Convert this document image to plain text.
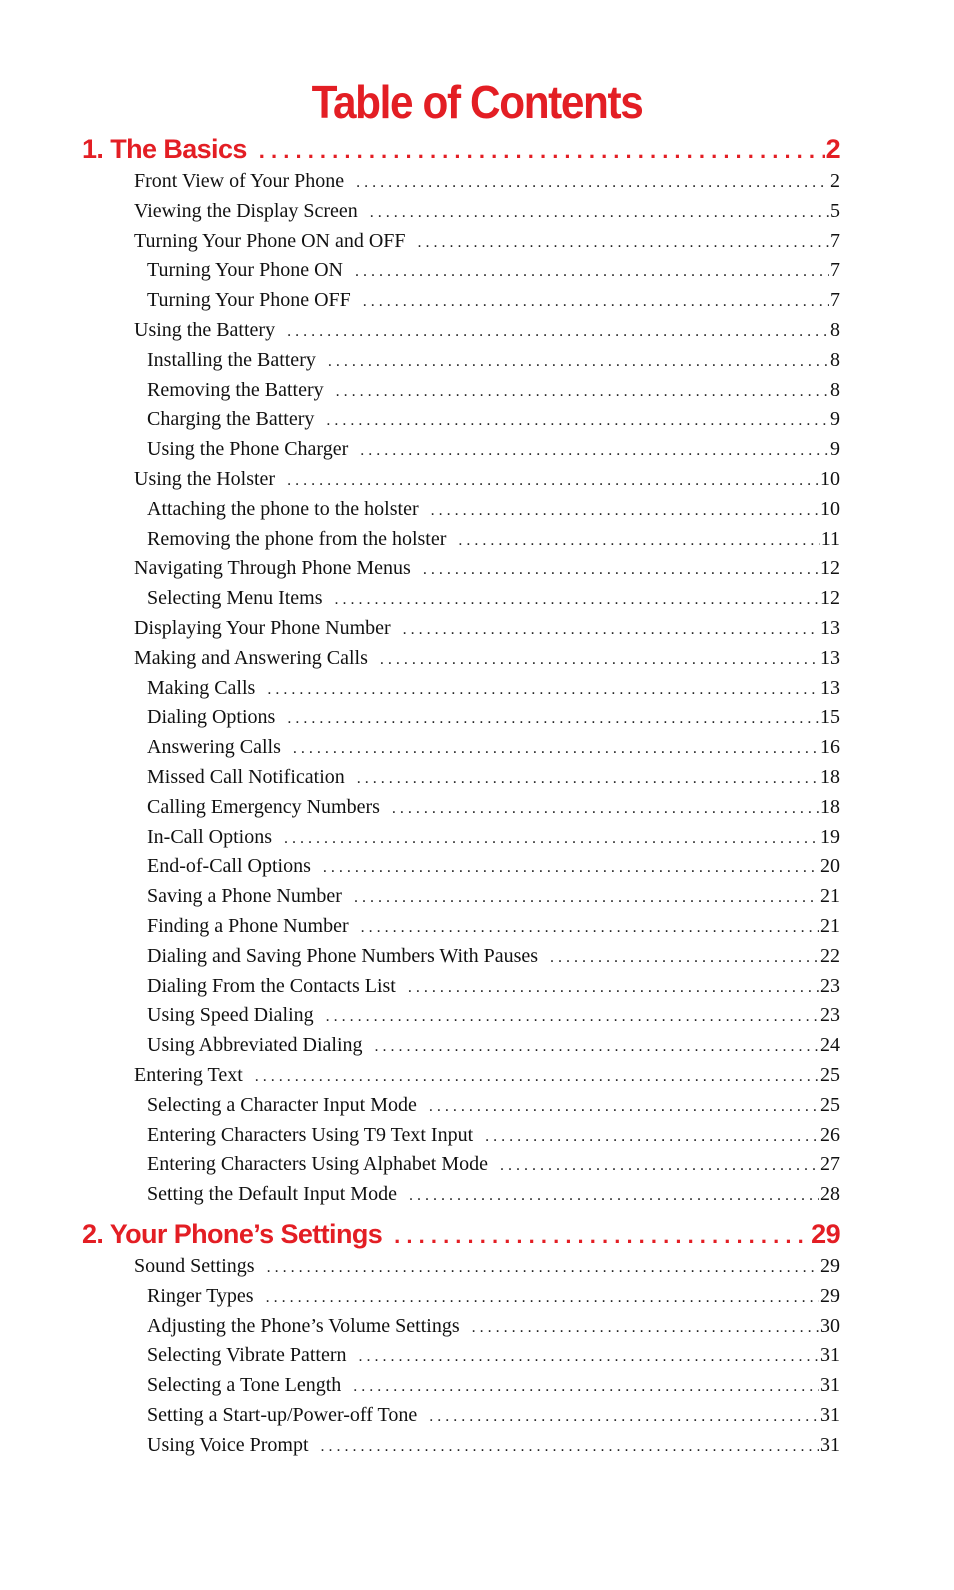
Table of Contents
1. The Basics . . .	2
Front View of Your Phone . . .	2
Viewing the Display Screen . . .	5
Turning Your Phone ON and OFF . . .	7
Turning Your Phone ON . . .	7
Turning Your Phone OFF . . .	7
Using the Battery . . .	8
Installing the Battery . . .	8
Removing the Battery . . .	8
Charging the Battery . . .	9
Using the Phone Charger . . .	9
Using the Holster . . .	10
Attaching the phone to the holster . . .	10
Removing the phone from the holster . . .	11
Navigating Through Phone Menus . . .	12
Selecting Menu Items . . .	12
Displaying Your Phone Number . . .	13
Making and Answering Calls . . .	13
Making Calls . . .	13
Dialing Options . . .	15
Answering Calls . . .	16
Missed Call Notification . . .	18
Calling Emergency Numbers . . .	18
In-Call Options . . .	19
End-of-Call Options . . .	20
Saving a Phone Number . . .	21
Finding a Phone Number . . .	21
Dialing and Saving Phone Numbers With Pauses . . .	22
Dialing From the Contacts List . . .	23
Using Speed Dialing . . .	23
Using Abbreviated Dialing . . .	24
Entering Text . . .	25
Selecting a Character Input Mode . . .	25
Entering Characters Using T9 Text Input . . .	26
Entering Characters Using Alphabet Mode . . .	27
Setting the Default Input Mode . . .	28
2. Your Phone’s Settings . . .	29
Sound Settings . . .	29
Ringer Types . . .	29
Adjusting the Phone’s Volume Settings . . .	30
Selecting Vibrate Pattern . . .	31
Selecting a Tone Length . . .	31
Setting a Start-up/Power-off Tone . . .	31
Using Voice Prompt . . .	31
